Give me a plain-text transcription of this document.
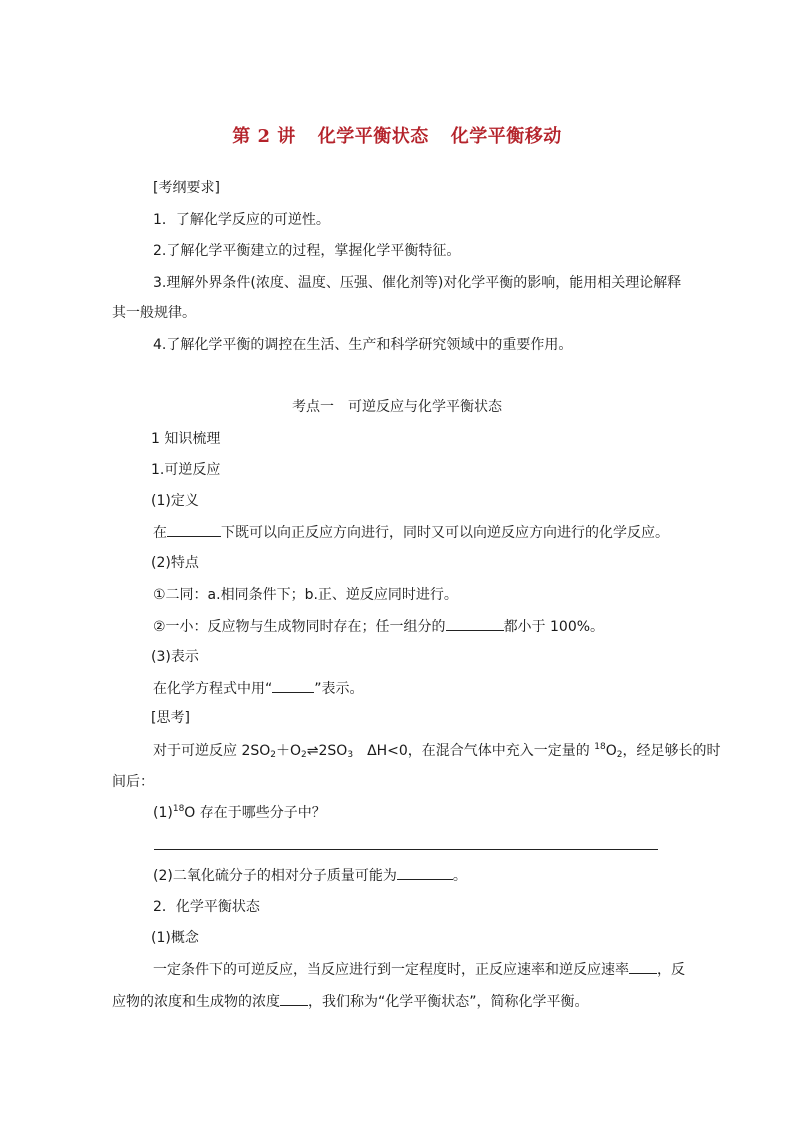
第 2 讲 化学平衡状态 化学平衡移动
[考纲要求]
1．了解化学反应的可逆性。
2.了解化学平衡建立的过程，掌握化学平衡特征。
3.理解外界条件(浓度、温度、压强、催化剂等)对化学平衡的影响，能用相关理论解释
其一般规律。
4.了解化学平衡的调控在生活、生产和科学研究领域中的重要作用。
考点一　可逆反应与化学平衡状态
1 知识梳理
1.可逆反应
(1)定义
在	下既可以向正反应方向进行，同时又可以向逆反应方向进行的化学反应。
(2)特点
①二同：a.相同条件下；b.正、逆反应同时进行。
②一小：反应物与生成物同时存在；任一组分的	都小于 100%。
(3)表示
在化学方程式中用“	”表示。
[思考]
对于可逆反应 $2SO_2+O_2\rightleftharpoons 2SO_3$ ΔH<0，在混合气体中充入一定量的 $^{18}O_2$，经足够长的时
间后：
$(1)^{18}O$ 存在于哪些分子中？
(2)二氧化硫分子的相对分子质量可能为	。
2．化学平衡状态
(1)概念
一定条件下的可逆反应，当反应进行到一定程度时，正反应速率和逆反应速率 ，反
应物的浓度和生成物的浓度 ，我们称为“化学平衡状态”，简称化学平衡。
